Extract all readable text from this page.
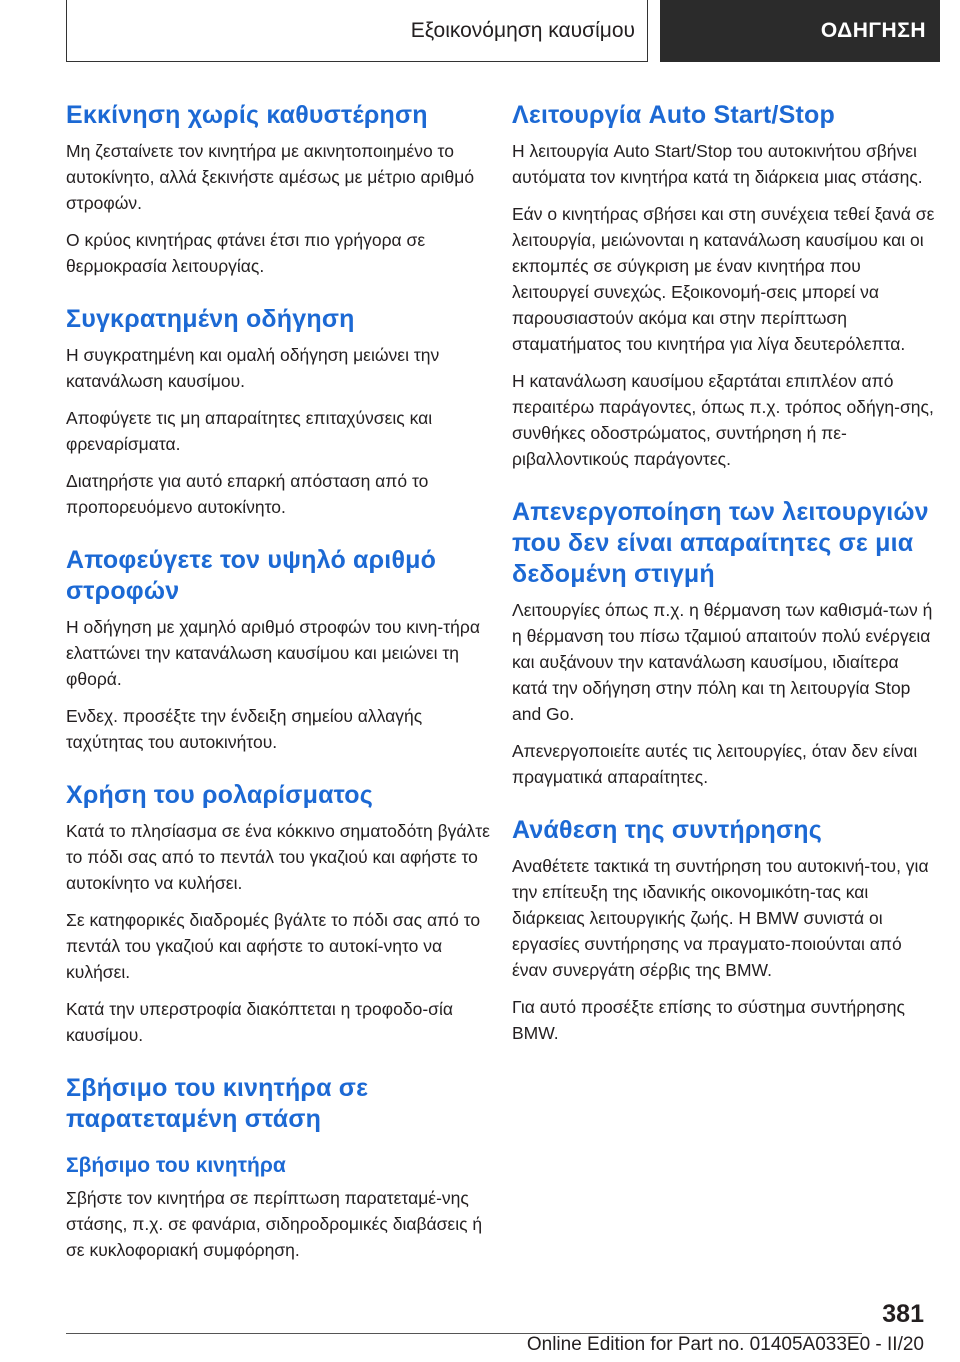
Εξοικονόμηση καυσίμου	ΟΔΗΓΗΣΗ
Εκκίνηση χωρίς καθυστέρηση

Μη ζεσταίνετε τον κινητήρα με ακινητοποιημένο το αυτοκίνητο, αλλά ξεκινήστε αμέσως με μέτριο αριθμό στροφών.

Ο κρύος κινητήρας φτάνει έτσι πιο γρήγορα σε θερμοκρασία λειτουργίας.

Συγκρατημένη οδήγηση

Η συγκρατημένη και ομαλή οδήγηση μειώνει την κατανάλωση καυσίμου.

Αποφύγετε τις μη απαραίτητες επιταχύνσεις και φρεναρίσματα.

Διατηρήστε για αυτό επαρκή απόσταση από το προπορευόμενο αυτοκίνητο.

Αποφεύγετε τον υψηλό αριθμό στροφών

Η οδήγηση με χαμηλό αριθμό στροφών του κινη-τήρα ελαττώνει την κατανάλωση καυσίμου και μειώνει τη φθορά.

Ενδεχ. προσέξτε την ένδειξη σημείου αλλαγής ταχύτητας του αυτοκινήτου.

Χρήση του ρολαρίσματος

Κατά το πλησίασμα σε ένα κόκκινο σηματοδότη βγάλτε το πόδι σας από το πεντάλ του γκαζιού και αφήστε το αυτοκίνητο να κυλήσει.

Σε κατηφορικές διαδρομές βγάλτε το πόδι σας από το πεντάλ του γκαζιού και αφήστε το αυτοκί-νητο να κυλήσει.

Κατά την υπερστροφία διακόπτεται η τροφοδο-σία καυσίμου.

Σβήσιμο του κινητήρα σε παρατεταμένη στάση
Σβήσιμο του κινητήρα

Σβήστε τον κινητήρα σε περίπτωση παρατεταμέ-νης στάσης, π.χ. σε φανάρια, σιδηροδρομικές διαβάσεις ή σε κυκλοφοριακή συμφόρηση.

Λειτουργία Auto Start/Stop

Η λειτουργία Auto Start/Stop του αυτοκινήτου σβήνει αυτόματα τον κινητήρα κατά τη διάρκεια μιας στάσης.

Εάν ο κινητήρας σβήσει και στη συνέχεια τεθεί ξανά σε λειτουργία, μειώνονται η κατανάλωση καυσίμου και οι εκπομπές σε σύγκριση με έναν κινητήρα που λειτουργεί συνεχώς. Εξοικονομή-σεις μπορεί να παρουσιαστούν ακόμα και στην περίπτωση σταματήματος του κινητήρα για λίγα δευτερόλεπτα.

Η κατανάλωση καυσίμου εξαρτάται επιπλέον από περαιτέρω παράγοντες, όπως π.χ. τρόπος οδήγη-σης, συνθήκες οδοστρώματος, συντήρηση ή πε-ριβαλλοντικούς παράγοντες.

Απενεργοποίηση των λειτουργιών που δεν είναι απαραίτητες σε μια δεδομένη στιγμή

Λειτουργίες όπως π.χ. η θέρμανση των καθισμά-των ή η θέρμανση του πίσω τζαμιού απαιτούν πολύ ενέργεια και αυξάνουν την κατανάλωση καυσίμου, ιδιαίτερα κατά την οδήγηση στην πόλη και τη λειτουργία Stop and Go.

Απενεργοποιείτε αυτές τις λειτουργίες, όταν δεν είναι πραγματικά απαραίτητες.

Ανάθεση της συντήρησης

Αναθέτετε τακτικά τη συντήρηση του αυτοκινή-του, για την επίτευξη της ιδανικής οικονομικότη-τας και διάρκειας λειτουργικής ζωής. Η BMW συνιστά οι εργασίες συντήρησης να πραγματο-ποιούνται από έναν συνεργάτη σέρβις της BMW.

Για αυτό προσέξτε επίσης το σύστημα συντήρησης BMW.

381
Online Edition for Part no. 01405A033E0 - II/20
